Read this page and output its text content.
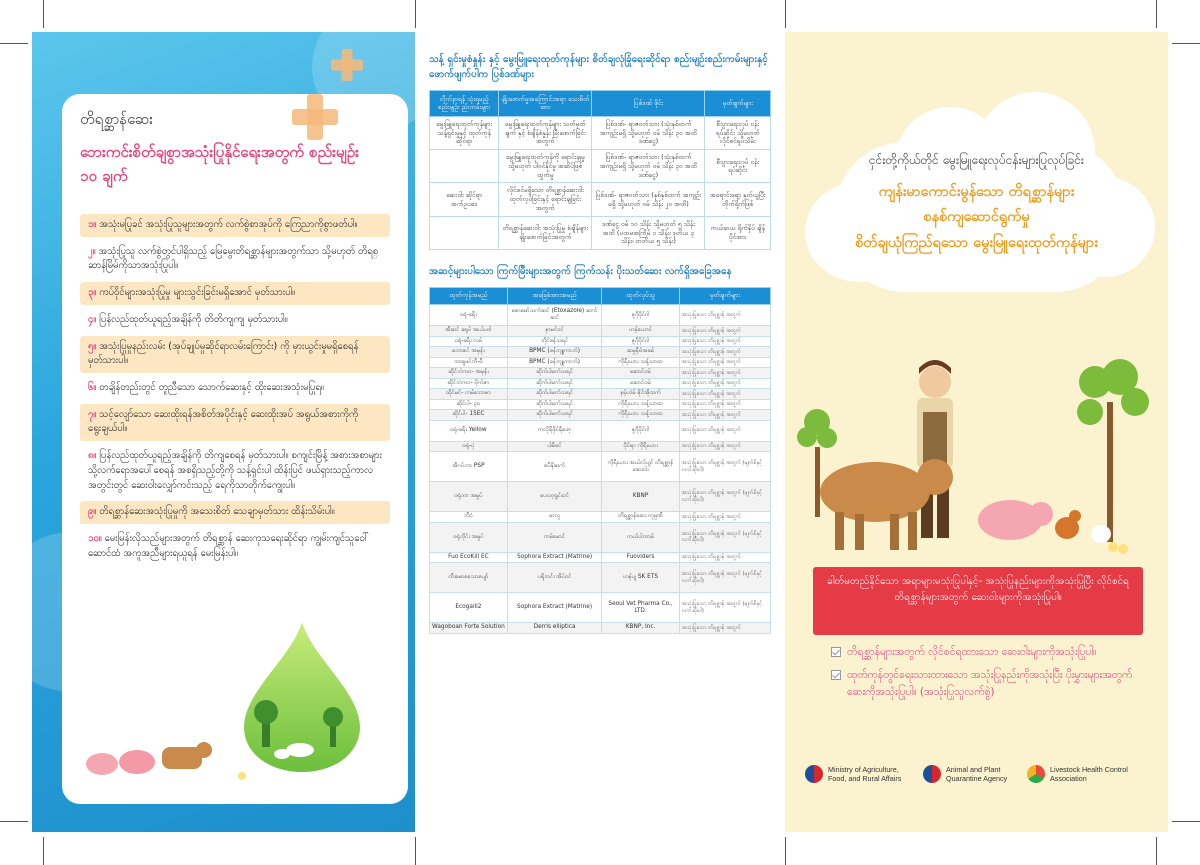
တိရစ္ဆာန်ဆေး
ဘေးကင်းစိတ်ချစွာအသုံးပြုနိုင်ရေးအတွက် စည်းမျဉ်း ၁၀ ချက်
၁။ အသုံးမပြုခင် အသုံးပြုသူများအတွက် လက်စွဲစာအုပ်ကို ကြေညာကိုစွာဖတ်ပါ။
၂။ အသုံးပြုသူ လက်စွဲတွင်ပါရှိသည့် မြေမွေးတိရစ္ဆာန်များအတွက်သာ သို့မဟုတ် တိရစ္ဆာန်မြိမ်ကိုသာအသုံးပြုပါ။
၃။ ကပ်ဝိုင်များအသုံးပြုမှု များသွင်းခြင်းမရှိအောင် မှတ်သားပါ။
၄။ ပြန်လည်ထုတ်ယူရည့်အချိန်ကို တိတိကျကျ မှတ်သားပါ။
၅။ အသုံးပြုမှုနည်းလမ်း (အုပ်ချုပ်မှုဆိုင်ရာလမ်းကြောင်း) ကို မှားယွင်းမှုမရှိစေရန် မှတ်သားပါ။
၆။ တချိန်တည်းတွင် တူညီသော သောက်ဆေးနှင့် ထိုးဆေးအသုံးမပြုရ။
၇။ သင့်လျော်သော ဆေးထိုးရန်အစိတ်အပိုင်းနှင့် ဆေးထိုးအပ် အရွယ်အစားကိုကို ရွေးချယ်ပါ။
၈။ ပြန်လည်ထုတ်ယူရည့်အချိန်ကို တိကျစေရန် မှတ်သားပါ။ စကျင်းမြိန့် အစားအစာများသို့လက်ရောအပေါ်စေရန် အစရှိသည့်တို့ကို သန့်ရှင်းပါ ထိန်းပြင် ဖယ်ရှားသည့်ကာလအတွင်းတွင် ဆေးဝါးလျှော်ကင်းသည့် ရေကိုသာတိုက်ကျွေးပါ။
၉။ တိရစ္ဆာန်ဆေးအသုံးပြုမှုကို အသေးစိတ် သေချာမှတ်သား ထိန်းသိမ်းပါ။
၁၀။ မေးမြန်းလိုသည်များအတွက် တိရစ္ဆာန် ဆေးကုသရေးဆိုင်ရာ ကျွမ်းကျင်သူဝေါ်ဆောင်ထံ အကူအညီများရယူရန် မေးမြန်းပါ။
သန့် ရှင်းမှုစံနှုန်း နှင့် မွေးမြူရေးထုတ်ကုန်များ စိတ်ချလုံခြုံရေးဆိုင်ရာ စည်းမျဉ်းစည်းကမ်းများနှင့် ဖောက်ဖျက်ပါက ပြစ်ဒဏ်များ
လိုက်နာရန် သုံးရမည့် စည်းမျဉ်း ည်းကမ်းများ	ချိုးဖောက်မှုအကြောင်းအရာ သေးစိတ်အား	ပြစ်ဒဏ် ဖိုင်း	မှတ်ချက်များ
မွေးမြူရေးထုတ်ကုန်များ သန့်ရှင်းမှုနှင့် ထုတ်ကုန်ဆိုင်ရာ	မွေးမြူရေးထုတ်ကုန်များ သတ်မှတ်ချက် နှင့် စံချိန်စံနှုန်း မြီးဖောက်ခြင်းအတွက်	ပြစ်ဒဏ်- ရာဇဝတ်သား (သုံးနှစ်ထက် အကျဉ်းမရှိ သို့မဟုတ် ဝမ် သိန်း ၃၀ အထိ ဒဏ်ငွေ)	စီးပွားရေးလုပ် ငန်းရပ်ဆိုင်း သို့မဟုတ် လိုင်စင်ရုပ်သိမ်း
	မွေးမြူရေးထုတ်ကုန်ကို ရောင်းချမှု သို့မဟုတ် ပါဝင်နိုင်မှု အဆိပ်ဖြစ်ထွက်မှု	ပြစ်ဒဏ်- ရာဇဝတ်သား (သုံးနှစ်ထက် အကျဉ်းမရှိ သို့မဟုတ် ဝမ် သိန်း ၃၀ အထိ ဒဏ်ငွေ)	စီးပွားရေးလုပ် ငန်းရပ်ဆိုင်း
ဆေးဝါး ဆိုင်ရာ အက်ဥပဒေ	လိုင်စင်မရှိသော တိရစ္ဆာန်ဆေးဝါး ထုတ်လုပ်ခြင်းနှင့် ရောင်းချခြင်းအတွက်	ပြစ်ဒဏ်- ရာဇဝတ်သား (နှစ်နှစ်ထက် အကျဉ်းမရှိ သို့မဟုတ် ဝမ် သိန်း ၂၀ အထိ)	အရောင်းရော့ နုတ်ယူပြီး တိုက်ရိုက်ဖြစ်
	တိရစ္ဆာန်ဆေးဝါး အသုံးပြုမှု စံချိန်များ ချိုးဖောက်ခြင်းအတွက်	ဒဏ်ငွေ ဝမ် ၁၀ သိန်း သို့မဟုတ် ၅ သိန်း အထိ (ပထမအကြိမ် ၁ သိန်း၊ ဒုတိယ ၃ သိန်း၊ တတိယ ၅ သိန်း)	ကယ်ဆယ ရိုက်နှိပ် ချိန်ပိုင်အား
အဆင့်များပါသော ကြက်မြီးများအတွက် ကြက်သန်း ပိုးသတ်ဆေး လက်ရှိအခြေအနေ
ထုတ်ကုန်အမည်	အခြေခံအားအမည်	ထုတ်လုပ်သူ	မှတ်ချက်များ
ဝရုံ-ခရီး	ဇောမော်သက်ဆင် (Etoxazole) ဆက်ဆင်	ဇူဂိုဗိုင်ဂါ	အသုံးပြုသော တိရစ္ဆာန် အတွက်
အီဆင် ခရုပ် အယ်ပဝါ	နာမင်ဝင်	ဟန်ယောင်	အသုံးပြုသော တိရစ္ဆာန် အတွက်
ဝရုံ-ခရီး လမ်	ဘိုင်ဖန်သရင်	ဇူဂိုဗိုင်ဂါ	အသုံးပြုသော တိရစ္ဆာန် အတွက်
ဘောဇင် အမှန်း	BPMC (ဖန်ဘျူကာဘ်)	ဆမူနီဗ်အခမ်	အသုံးပြုသော တိရစ္ဆာန် အတွက်
ဘာရူဖင်ကီ-ဗီ	BPMC (ဖန်ဘျူကာဘ်)	ကိုရီးယား သန့်သာထ	အသုံးပြုသော တိရစ္ဆာန် အတွက်
ဆိုင်ဘဲကဝ- အမှန်း	ဆိုက်ပါမက်သရင်	ဆောင်ဝမ်	အသုံးပြုသော တိရစ္ဆာန် အတွက်
ဆိုင်ဘဲကဝ- ဗိုက်ဇာ	ဆိုက်ပါမက်သရင်	ဆောင်ဝမ်	အသုံးပြုသော တိရစ္ဆာန် အတွက်
ထိုင်မင်- ကမ်ဘောဇာ	ဆိုက်ပါမက်သရင်	နမ့်ဟဲမ် ဇိုင်အိုထက်	အသုံးပြုသော တိရစ္ဆာန် အတွက်
ဆိုင်ပါ- ၃၀	ဆိုက်ပါမက်သရင်	ကိုရီးယား သန့်သာထ	အသုံးပြုသော တိရစ္ဆာန် အတွက်
ဆိုင်ပါ- 15EC	ဆိုက်ပါမက်သရင်	ကိုရီးယား သန့်သာထ	အသုံးပြုသော တိရစ္ဆာန် အတွက်
ဝရုံ-ခရီး Yellow	ကလိုရီဖိုင်ရီဖော့	ဇူဂိုဗိုင်ဂါ	အသုံးပြုသော တိရစ္ဆာန် အတွက်
ဝရုံ-ပုံ	ပါမီဖင်	ဝိုင်ရာ ကိုရီးယား	အသုံးပြုသော တိရစ္ဆာန် အတွက်
အီဂပ်ဘာ PSP	စပီနိုဆက်	ကိုရီးယား အယ်လ်ပျင် တိရစ္ဆာန်ဆေးဝါး	အသုံးပြုသော တိရစ္ဆာန် အတွက် (မျက်စိနှင့် လက်ဆိုးပါ)
ဝရုံဘာ အမှုပ်	ပေလာ့ရွင်းဝင်	KBNP	အသုံးပြုသော တိရစ္ဆာန် အတွက် (မျက်စိနှင့် လက်ဆိုးပါ)
ဘီဝံ	ဖာလူ	တိရစ္ဆာန်ဆေး ကုမ္ပဏီ	အသုံးပြုသော တိရစ္ဆာန် အတွက်
ဝရုံဘိုင်း အမှုပ်	ကမ်မောင်	ကယ်ပါဘာမ်	အသုံးပြုသော တိရစ္ဆာန် အတွက် (မျက်စိနှင့် လက်ဆိုးပါ)
Fuo EcoKill EC	Sophora Extract (Matrine)	Fuoviders	အသုံးပြုသော တိရစ္ဆာန် အတွက်
တီးမောစသောပျော်	ပရိုဘင်း အိပ်ဝင်	ဟန်ပျ SK ETS	အသုံးပြုသော တိရစ္ဆာန် အတွက် (မျက်စိနှင့် လက်ဆိုးပါ)
Ecogalli2	Sophora Extract (Matrine)	Seoul Vet Pharma Co., LTD.	အသုံးပြုသော တိရစ္ဆာန် အတွက် (မျက်စိနှင့် လက်ဆိုးပါ)
Wagoboan Forte Solution	Derris elliptica	KBNP, Inc.	အသုံးပြုသော တိရစ္ဆာန် အတွက်
ငှင်းတို့ကိုယ်တိုင် မွေးမြူရေးလုပ်ငန်းများပြုလုပ်ခြင်း
ကျန်းမာကောင်းမွန်သော တိရစ္ဆာန်များ
စနစ်ကျဆောင်ရွက်မှု
စိတ်ချယုံကြည်ရသော မွေးမြူရေးထုတ်ကုန်များ
ခါတ်မတည်နိုင်သော အရာများမသုံးပြုပါနှင့်- အသုံးပြုနည်းများကိုအသုံးပြုပြီး လိုင်စင်ရ တိရစ္ဆာန်များအတွက် ဆေးဝါးများကိုအသုံးပြုပါ။
တိရစ္ဆာန်များအတွက် လိုင်စင်ရထားသော ဆေးဝါးများကိုအသုံးပြုပါ။
ထုတ်ကုန်တွင်ရေးသားထားသော အသုံးပြုနည်းကိုအသုံးပြီး ပိုးမွှားများအတွက်ဆေးကိုအသုံးပြုပါ။ (အသုံးပြုသူလက်စွဲ)
Ministry of Agriculture,
Food, and Rural Affairs
Animal and Plant
Quarantine Agency
Livestock Health Control
Association
